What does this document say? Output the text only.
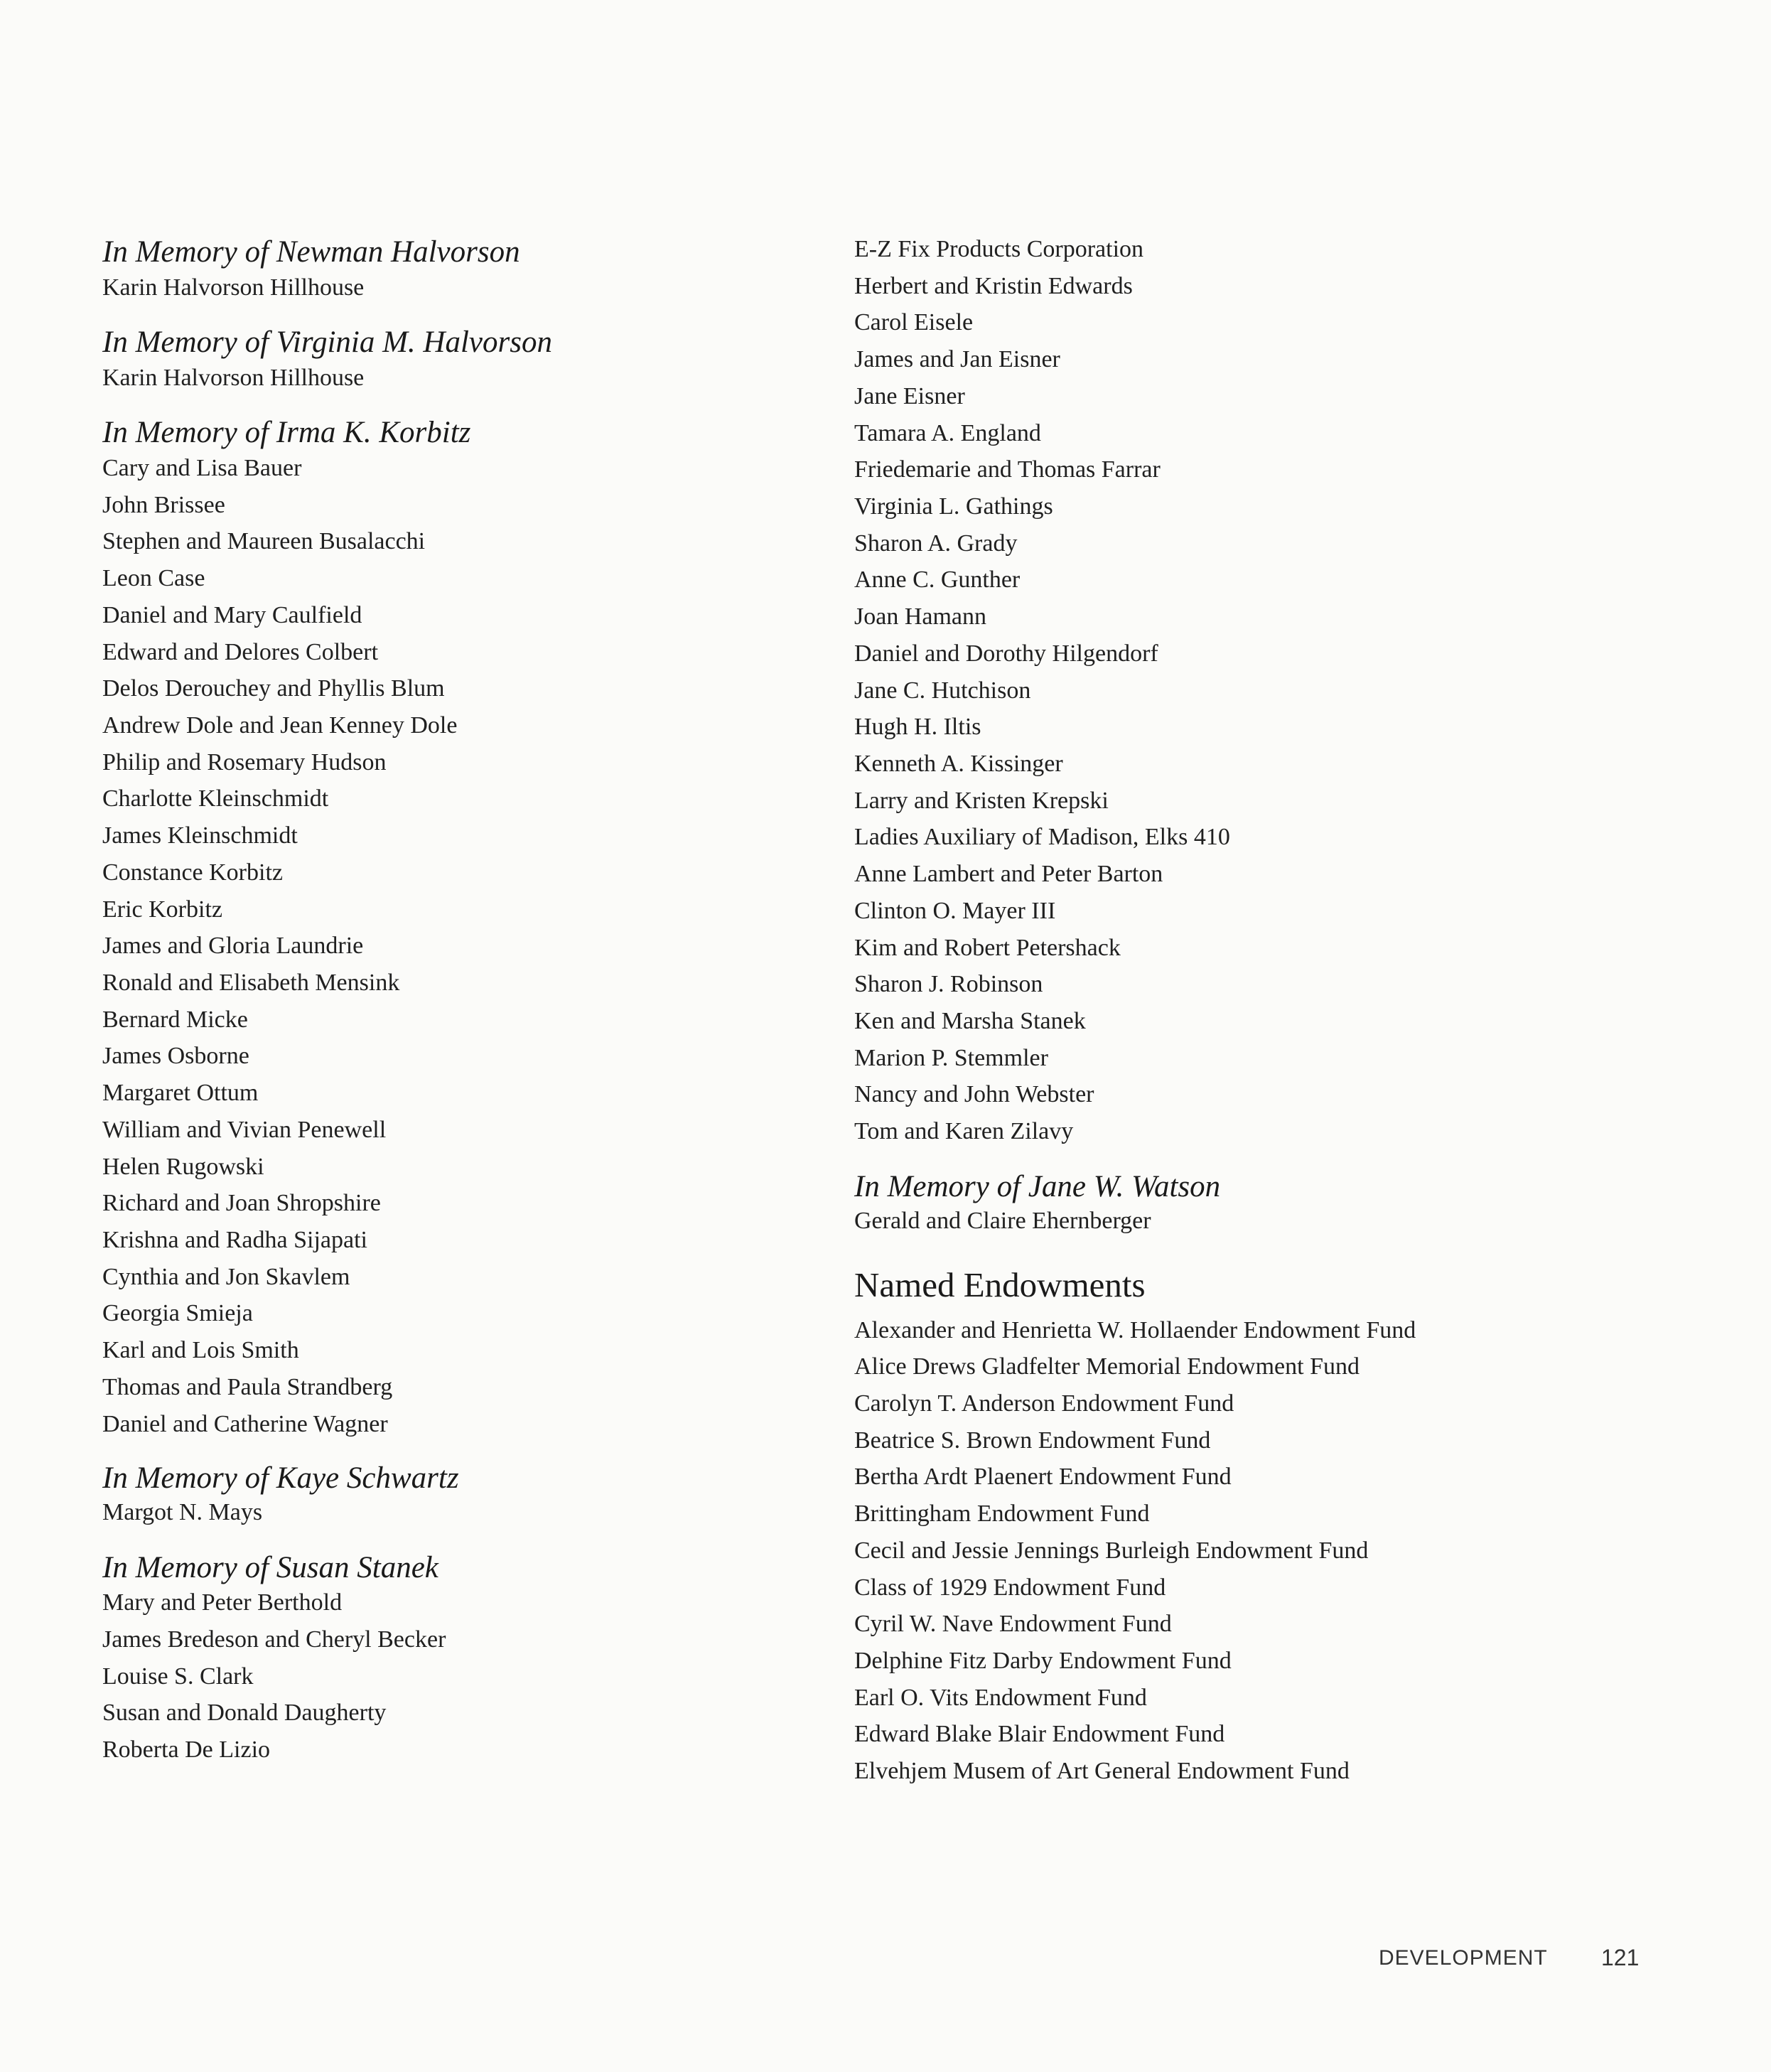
In Memory of Newman Halvorson
Karin Halvorson Hillhouse
In Memory of Virginia M. Halvorson
Karin Halvorson Hillhouse
In Memory of Irma K. Korbitz
Cary and Lisa Bauer
John Brissee
Stephen and Maureen Busalacchi
Leon Case
Daniel and Mary Caulfield
Edward and Delores Colbert
Delos Derouchey and Phyllis Blum
Andrew Dole and Jean Kenney Dole
Philip and Rosemary Hudson
Charlotte Kleinschmidt
James Kleinschmidt
Constance Korbitz
Eric Korbitz
James and Gloria Laundrie
Ronald and Elisabeth Mensink
Bernard Micke
James Osborne
Margaret Ottum
William and Vivian Penewell
Helen Rugowski
Richard and Joan Shropshire
Krishna and Radha Sijapati
Cynthia and Jon Skavlem
Georgia Smieja
Karl and Lois Smith
Thomas and Paula Strandberg
Daniel and Catherine Wagner
In Memory of Kaye Schwartz
Margot N. Mays
In Memory of Susan Stanek
Mary and Peter Berthold
James Bredeson and Cheryl Becker
Louise S. Clark
Susan and Donald Daugherty
Roberta De Lizio
E-Z Fix Products Corporation
Herbert and Kristin Edwards
Carol Eisele
James and Jan Eisner
Jane Eisner
Tamara A. England
Friedemarie and Thomas Farrar
Virginia L. Gathings
Sharon A. Grady
Anne C. Gunther
Joan Hamann
Daniel and Dorothy Hilgendorf
Jane C. Hutchison
Hugh H. Iltis
Kenneth A. Kissinger
Larry and Kristen Krepski
Ladies Auxiliary of Madison, Elks 410
Anne Lambert and Peter Barton
Clinton O. Mayer III
Kim and Robert Petershack
Sharon J. Robinson
Ken and Marsha Stanek
Marion P. Stemmler
Nancy and John Webster
Tom and Karen Zilavy
In Memory of Jane W. Watson
Gerald and Claire Ehernberger
Named Endowments
Alexander and Henrietta W. Hollaender Endowment Fund
Alice Drews Gladfelter Memorial Endowment Fund
Carolyn T. Anderson Endowment Fund
Beatrice S. Brown Endowment Fund
Bertha Ardt Plaenert Endowment Fund
Brittingham Endowment Fund
Cecil and Jessie Jennings Burleigh Endowment Fund
Class of 1929 Endowment Fund
Cyril W. Nave Endowment Fund
Delphine Fitz Darby Endowment Fund
Earl O. Vits Endowment Fund
Edward Blake Blair Endowment Fund
Elvehjem Musem of Art General Endowment Fund
DEVELOPMENT 121
